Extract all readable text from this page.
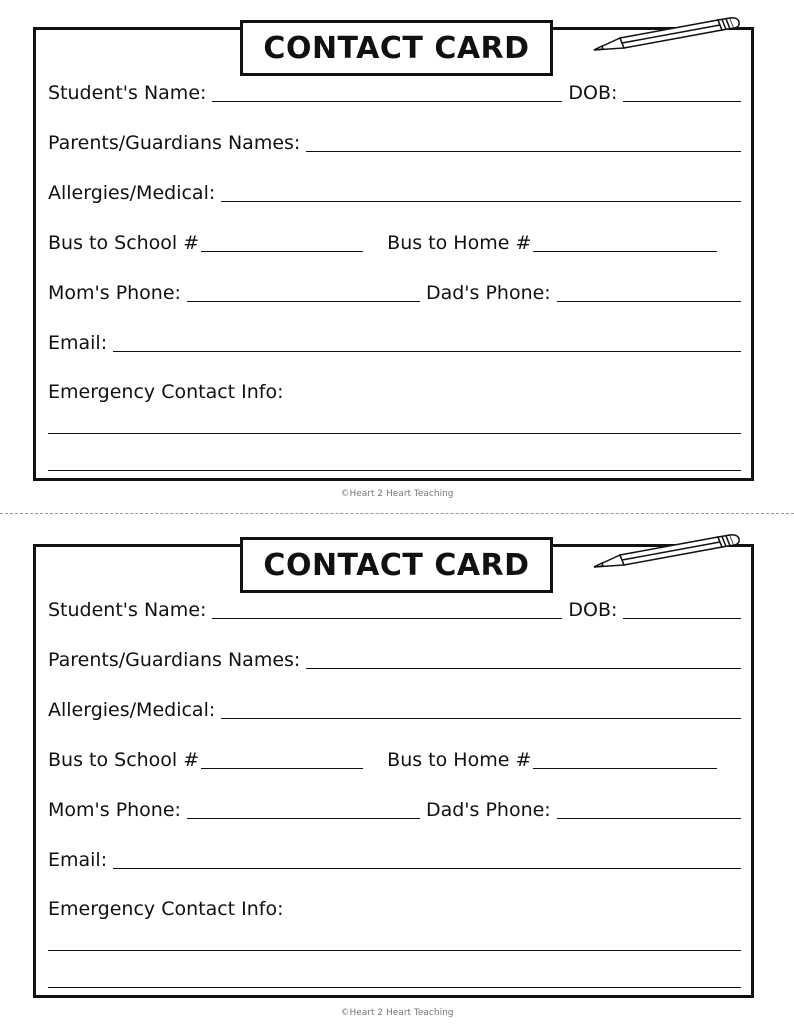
CONTACT CARD
Student's Name:	DOB:
Parents/Guardians Names:
Allergies/Medical:
Bus to School #	Bus to Home #
Mom's Phone:	Dad's Phone:
Email:
Emergency Contact Info:
©Heart 2 Heart Teaching
CONTACT CARD
Student's Name:	DOB:
Parents/Guardians Names:
Allergies/Medical:
Bus to School #	Bus to Home #
Mom's Phone:	Dad's Phone:
Email:
Emergency Contact Info:
©Heart 2 Heart Teaching
